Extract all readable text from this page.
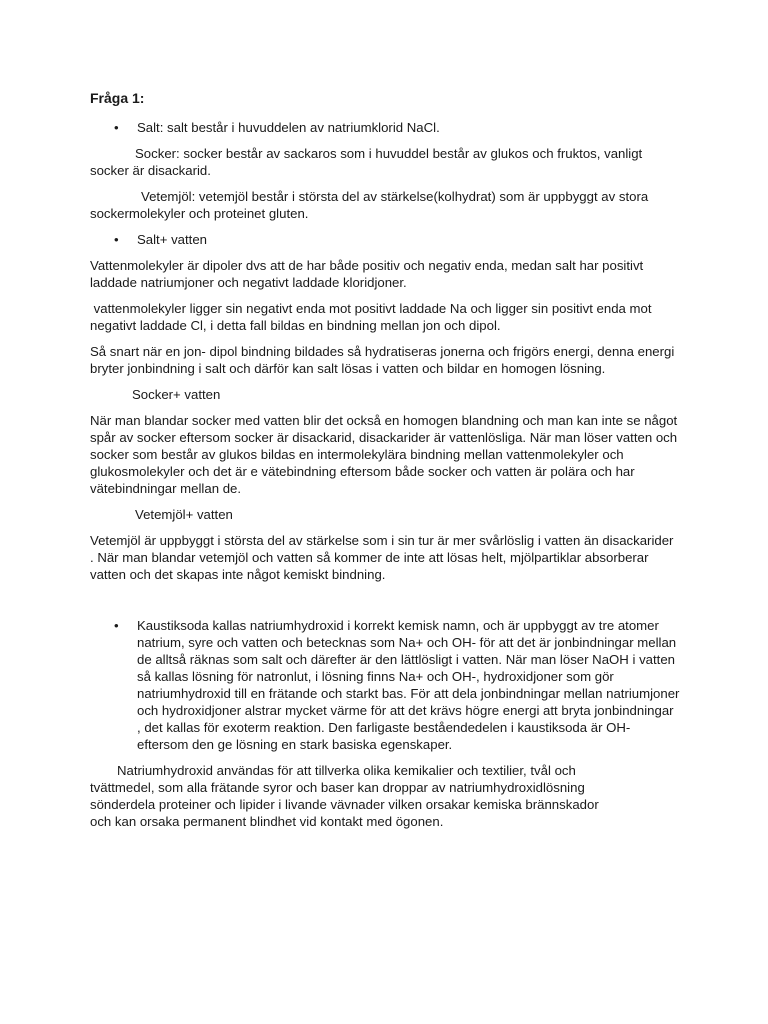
Fråga 1:
• Salt: salt består i huvuddelen av natriumklorid NaCl.

Socker: socker består av sackaros som i huvuddel består av glukos och fruktos, vanligt socker är disackarid.

Vetemjöl: vetemjöl består i största del av stärkelse(kolhydrat) som är uppbyggt av stora sockermolekyler och proteinet gluten.

• Salt+ vatten

Vattenmolekyler är dipoler dvs att de har både positiv och negativ enda, medan salt har positivt laddade natriumjoner och negativt laddade kloridjoner.

vattenmolekyler ligger sin negativt enda mot positivt laddade Na och ligger sin positivt enda mot negativt laddade Cl, i detta fall bildas en bindning mellan jon och dipol.

Så snart när en jon- dipol bindning bildades så hydratiseras jonerna och frigörs energi, denna energi bryter jonbindning i salt och därför kan salt lösas i vatten och bildar en homogen lösning.

Socker+ vatten

När man blandar socker med vatten blir det också en homogen blandning och man kan inte se något spår av socker eftersom socker är disackarid, disackarider är vattenlösliga. När man löser vatten och socker som består av glukos bildas en intermolekylära bindning mellan vattenmolekyler och glukosmolekyler och det är e vätebindning eftersom både socker och vatten är polära och har vätebindningar mellan de.

Vetemjöl+ vatten

Vetemjöl är uppbyggt i största del av stärkelse som i sin tur är mer svårlöslig i vatten än disackarider . När man blandar vetemjöl och vatten så kommer de inte att lösas helt, mjölpartiklar absorberar vatten och det skapas inte något kemiskt bindning.

• Kaustiksoda kallas natriumhydroxid i korrekt kemisk namn, och är uppbyggt av tre atomer natrium, syre och vatten och betecknas som Na+ och OH- för att det är jonbindningar mellan de alltså räknas som salt och därefter är den lättlösligt i vatten. När man löser NaOH i vatten så kallas lösning för natronlut, i lösning finns Na+ och OH-, hydroxidjoner som gör natriumhydroxid till en frätande och starkt bas. För att dela jonbindningar mellan natriumjoner och hydroxidjoner alstrar mycket värme för att det krävs högre energi att bryta jonbindningar , det kallas för exoterm reaktion. Den farligaste beståendedelen i kaustiksoda är OH- eftersom den ge lösning en stark basiska egenskaper.

Natriumhydroxid användas för att tillverka olika kemikalier och textilier, tvål och tvättmedel, som alla frätande syror och baser kan droppar av natriumhydroxidlösning sönderdela proteiner och lipider i livande vävnader vilken orsakar kemiska brännskador och kan orsaka permanent blindhet vid kontakt med ögonen.
